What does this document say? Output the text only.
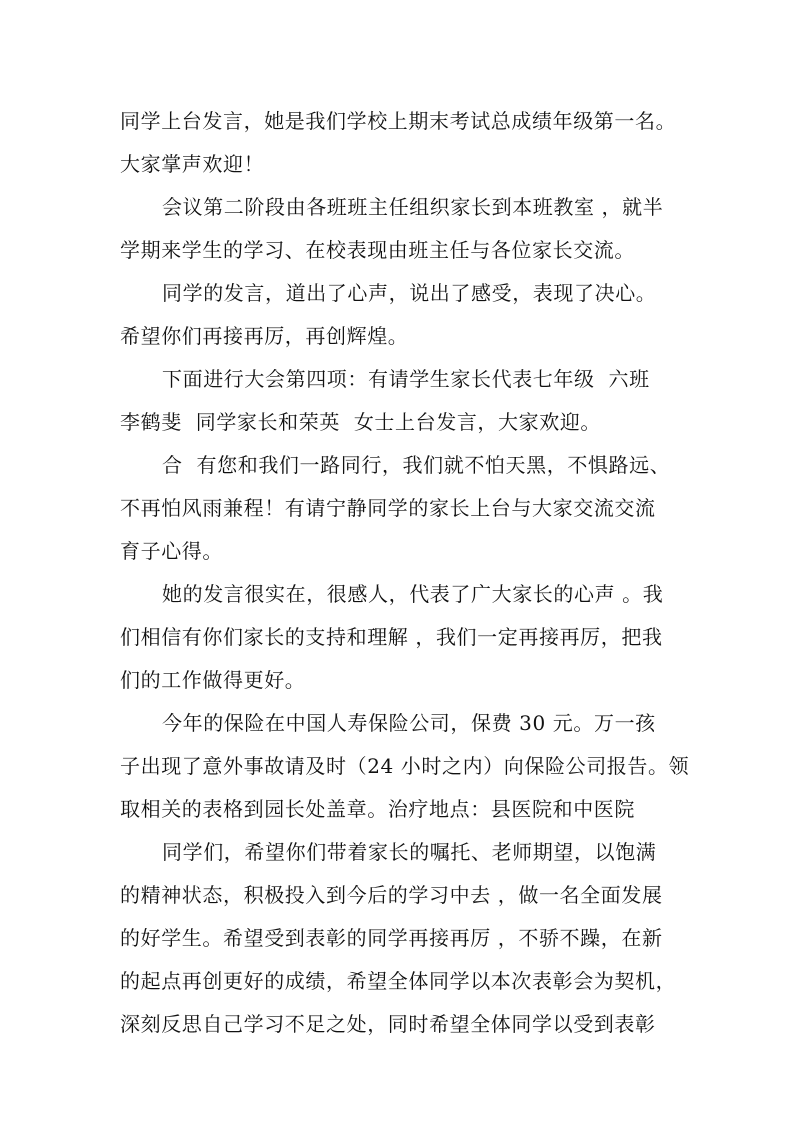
同学上台发言，她是我们学校上期末考试总成绩年级第一名。
大家掌声欢迎！
会议第二阶段由各班班主任组织家长到本班教室 ，就半
学期来学生的学习、在校表现由班主任与各位家长交流。
同学的发言，道出了心声，说出了感受，表现了决心。
希望你们再接再厉，再创辉煌。
下面进行大会第四项：有请学生家长代表七年级  六班
李鹤斐  同学家长和荣英  女士上台发言，大家欢迎。
合  有您和我们一路同行，我们就不怕天黑，不惧路远、
不再怕风雨兼程！有请宁静同学的家长上台与大家交流交流
育子心得。
她的发言很实在，很感人，代表了广大家长的心声 。我
们相信有你们家长的支持和理解 ，我们一定再接再厉，把我
们的工作做得更好。
今年的保险在中国人寿保险公司，保费 30 元。万一孩
子出现了意外事故请及时（24 小时之内）向保险公司报告。领
取相关的表格到园长处盖章。治疗地点：县医院和中医院
同学们，希望你们带着家长的嘱托、老师期望，以饱满
的精神状态，积极投入到今后的学习中去 ，做一名全面发展
的好学生。希望受到表彰的同学再接再厉 ，不骄不躁，在新
的起点再创更好的成绩，希望全体同学以本次表彰会为契机，
深刻反思自己学习不足之处，同时希望全体同学以受到表彰
